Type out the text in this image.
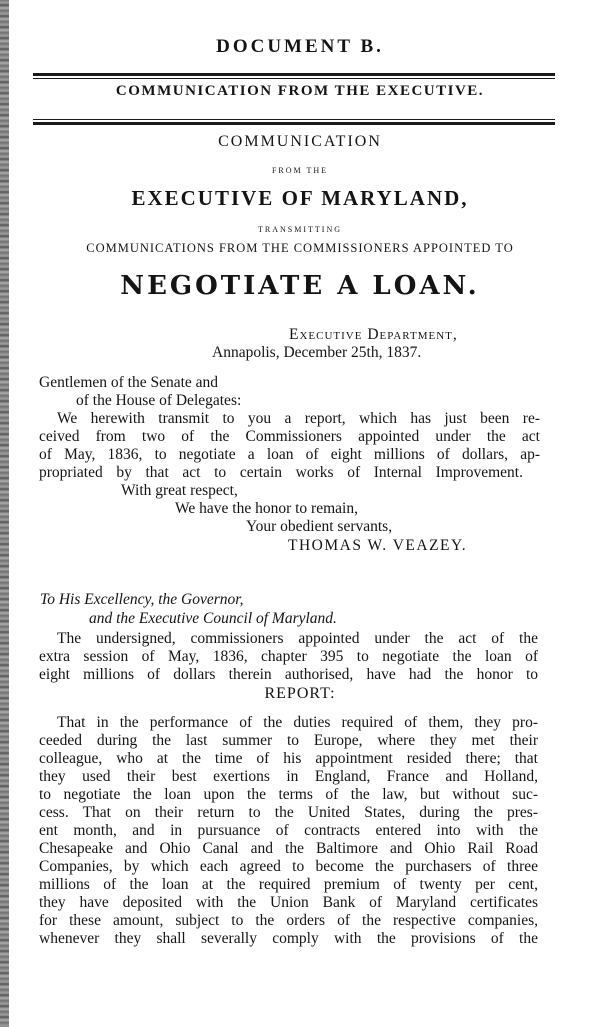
DOCUMENT B.
COMMUNICATION FROM THE EXECUTIVE.
COMMUNICATION
FROM THE
EXECUTIVE OF MARYLAND,
TRANSMITTING
COMMUNICATIONS FROM THE COMMISSIONERS APPOINTED TO
NEGOTIATE A LOAN.
Executive Department,
Annapolis, December 25th, 1837.
Gentlemen of the Senate and
of the House of Delegates:
We herewith transmit to you a report, which has just been re-
ceived from two of the Commissioners appointed under the act
of May, 1836, to negotiate a loan of eight millions of dollars, ap-
propriated by that act to certain works of Internal Improvement.
With great respect,
We have the honor to remain,
Your obedient servants,
THOMAS W. VEAZEY.
To His Excellency, the Governor,
and the Executive Council of Maryland.
The undersigned, commissioners appointed under the act of the
extra session of May, 1836, chapter 395 to negotiate the loan of
eight millions of dollars therein authorised, have had the honor to
REPORT:
That in the performance of the duties required of them, they pro-
ceeded during the last summer to Europe, where they met their
colleague, who at the time of his appointment resided there; that
they used their best exertions in England, France and Holland,
to negotiate the loan upon the terms of the law, but without suc-
cess. That on their return to the United States, during the pres-
ent month, and in pursuance of contracts entered into with the
Chesapeake and Ohio Canal and the Baltimore and Ohio Rail Road
Companies, by which each agreed to become the purchasers of three
millions of the loan at the required premium of twenty per cent,
they have deposited with the Union Bank of Maryland certificates
for these amount, subject to the orders of the respective companies,
whenever they shall severally comply with the provisions of the
